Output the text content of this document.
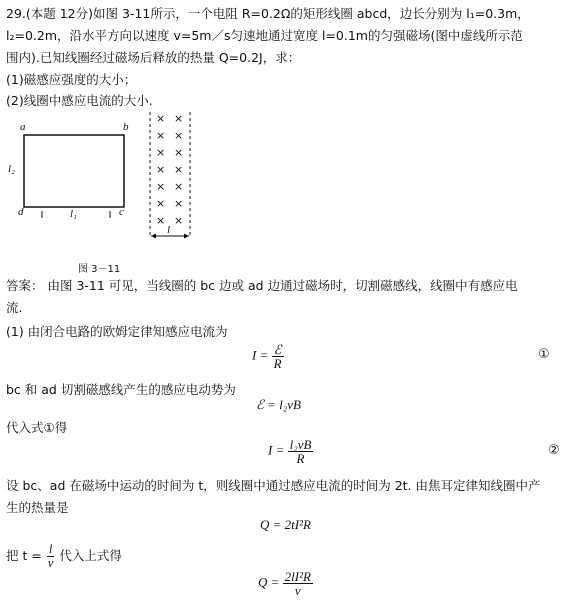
29.(本题 12分)如图 3-11所示，一个电阻 R=0.2Ω的矩形线圈 abcd，边长分别为 l₁=0.3m，
l₂=0.2m，沿水平方向以速度 v=5m／s匀速地通过宽度 l=0.1m的匀强磁场(图中虚线所示范
围内).已知线圈经过磁场后释放的热量 Q=0.2J，求：
(1)磁感应强度的大小；
(2)线圈中感应电流的大小.
a	b
c
d
l₂
l₁
l
× ×
× ×
× ×
× ×
× ×
× ×
× ×
图 3－11
答案： 由图 3-11 可见，当线圈的 bc 边或 ad 边通过磁场时，切割磁感线，线圈中有感应电
流.
(1) 由闭合电路的欧姆定律知感应电流为
$I = \frac{\text{ℰ}}{R}$	①
bc 和 ad 切割磁感线产生的感应电动势为
ℰ = l₂vB
代入式①得
$I = \frac{\text{l₂vB}}{R}$	②
设 bc、ad 在磁场中运动的时间为 t，则线圈中通过感应电流的时间为 2t. 由焦耳定律知线圈中产
生的热量是
Q = 2tI²R
把 $t = \frac{l}{v}$ 代入上式得
$Q = \frac{\text{2lI²R}}{v}$
